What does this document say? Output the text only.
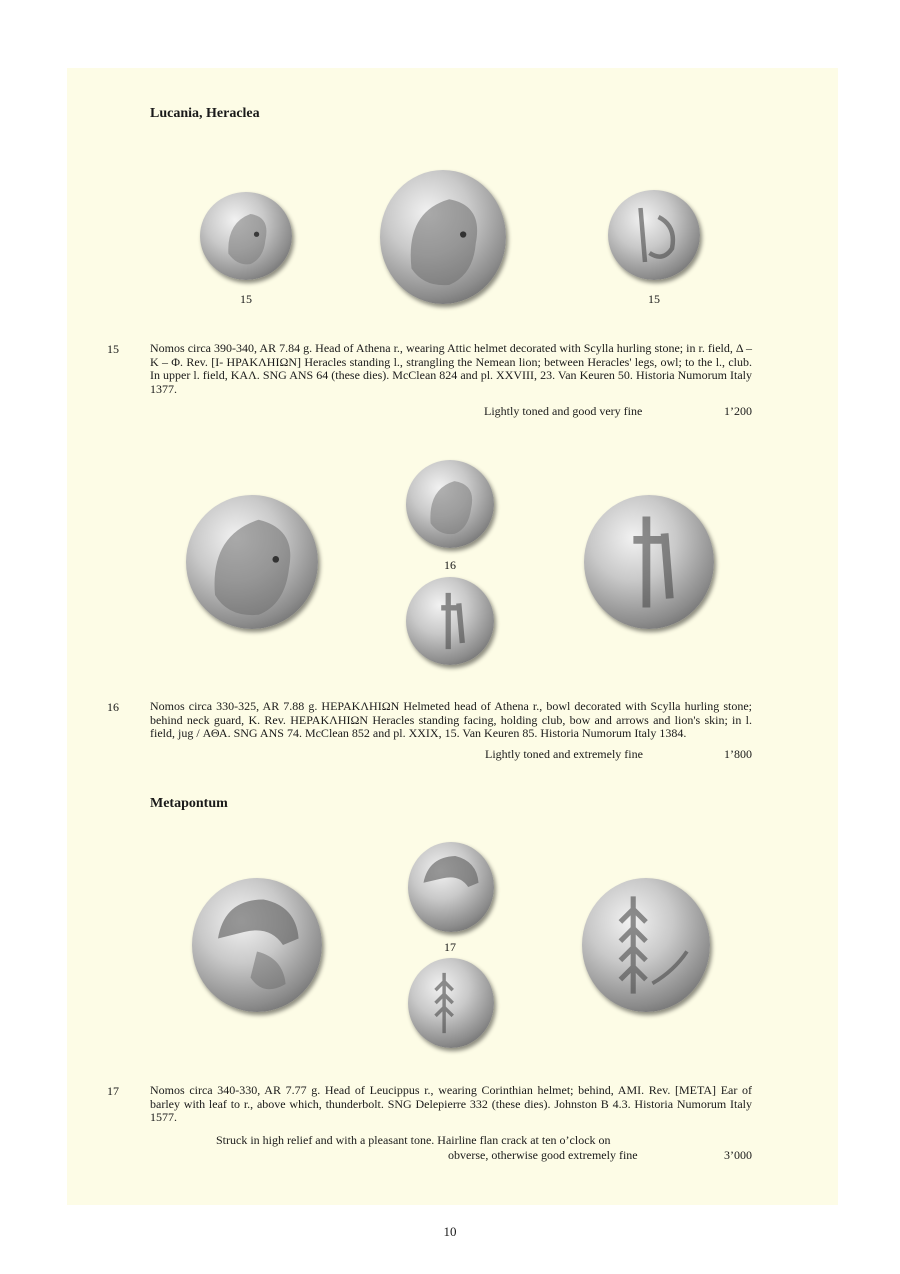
Lucania, Heraclea
15	15
15	Nomos circa 390-340, AR 7.84 g. Head of Athena r., wearing Attic helmet decorated with Scylla hurling stone; in r. field, Δ – Κ – Φ. Rev. [Ι- ΗΡΑΚΛΗΙΩΝ] Heracles standing l., strangling the Nemean lion; between Heracles' legs, owl; to the l., club. In upper l. field, ΚΑΛ. SNG ANS 64 (these dies). McClean 824 and pl. XXVIII, 23. Van Keuren 50. Historia Numorum Italy 1377.
Lightly toned and good very fine	1’200
16
16	Nomos circa 330-325, AR 7.88 g. ΗΕΡΑΚΛΗΙΩΝ Helmeted head of Athena r., bowl decorated with Scylla hurling stone; behind neck guard, Κ. Rev. ΗΕΡΑΚΛΗΙΩΝ Heracles standing facing, holding club, bow and arrows and lion's skin; in l. field, jug / ΑΘΑ. SNG ANS 74. McClean 852 and pl. XXIX, 15. Van Keuren 85. Historia Numorum Italy 1384.
Lightly toned and extremely fine	1’800
Metapontum
17
17	Nomos circa 340-330, AR 7.77 g. Head of Leucippus r., wearing Corinthian helmet; behind, AMI. Rev. [META] Ear of barley with leaf to r., above which, thunderbolt. SNG Delepierre 332 (these dies). Johnston B 4.3. Historia Numorum Italy 1577.
Struck in high relief and with a pleasant tone. Hairline flan crack at ten o’clock on
obverse, otherwise good extremely fine	3’000
10
